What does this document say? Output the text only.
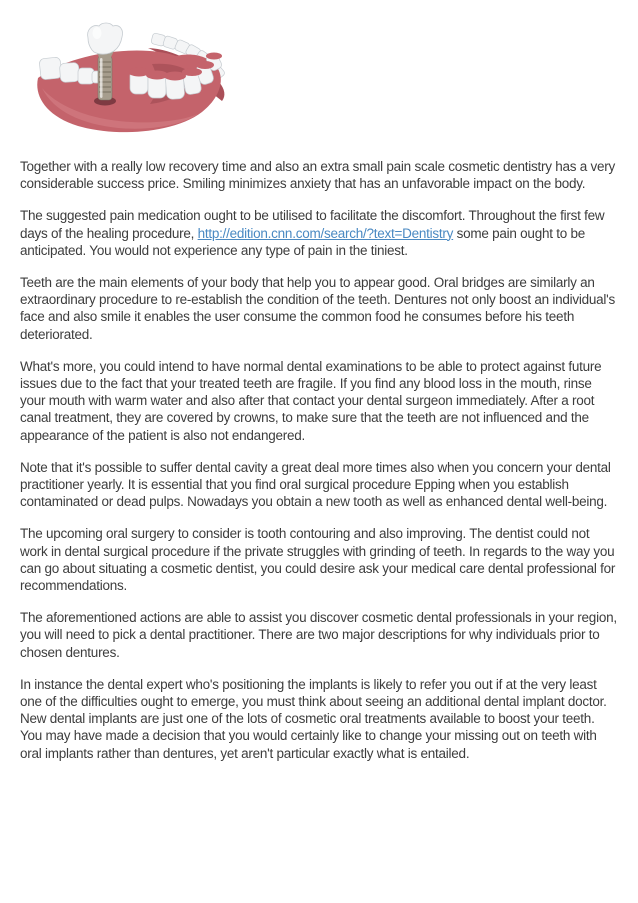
Together with a really low recovery time and also an extra small pain scale cosmetic dentistry has a very considerable success price. Smiling minimizes anxiety that has an unfavorable impact on the body.

The suggested pain medication ought to be utilised to facilitate the discomfort. Throughout the first few days of the healing procedure, http://edition.cnn.com/search/?text=Dentistry some pain ought to be anticipated. You would not experience any type of pain in the tiniest.

Teeth are the main elements of your body that help you to appear good. Oral bridges are similarly an extraordinary procedure to re-establish the condition of the teeth. Dentures not only boost an individual's face and also smile it enables the user consume the common food he consumes before his teeth deteriorated.

What's more, you could intend to have normal dental examinations to be able to protect against future issues due to the fact that your treated teeth are fragile. If you find any blood loss in the mouth, rinse your mouth with warm water and also after that contact your dental surgeon immediately. After a root canal treatment, they are covered by crowns, to make sure that the teeth are not influenced and the appearance of the patient is also not endangered.

Note that it's possible to suffer dental cavity a great deal more times also when you concern your dental practitioner yearly. It is essential that you find oral surgical procedure Epping when you establish contaminated or dead pulps. Nowadays you obtain a new tooth as well as enhanced dental well-being.

The upcoming oral surgery to consider is tooth contouring and also improving. The dentist could not work in dental surgical procedure if the private struggles with grinding of teeth. In regards to the way you can go about situating a cosmetic dentist, you could desire ask your medical care dental professional for recommendations.

The aforementioned actions are able to assist you discover cosmetic dental professionals in your region, you will need to pick a dental practitioner. There are two major descriptions for why individuals prior to chosen dentures.

In instance the dental expert who's positioning the implants is likely to refer you out if at the very least one of the difficulties ought to emerge, you must think about seeing an additional dental implant doctor. New dental implants are just one of the lots of cosmetic oral treatments available to boost your teeth. You may have made a decision that you would certainly like to change your missing out on teeth with oral implants rather than dentures, yet aren't particular exactly what is entailed.
